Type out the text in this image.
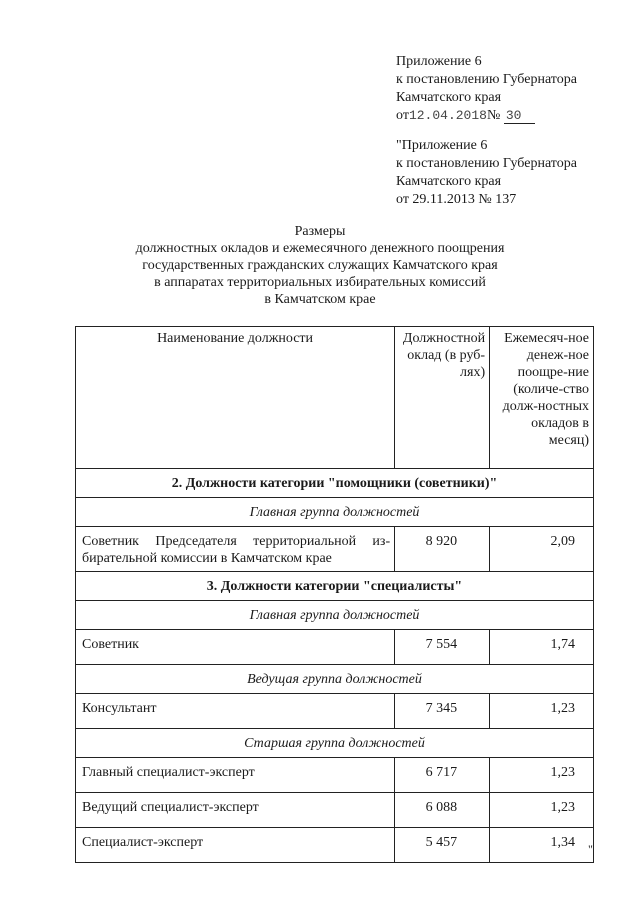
Приложение 6
к постановлению Губернатора
Камчатского края
от12.04.2018№ 30
"Приложение 6
к постановлению Губернатора
Камчатского края
от 29.11.2013 № 137
Размеры
должностных окладов и ежемесячного денежного поощрения
государственных гражданских служащих Камчатского края
в аппаратах территориальных избирательных комиссий
в Камчатском крае
Наименование должности	Должностной оклад (в руб-лях)	Ежемесяч-ное денеж-ное поощре-ние (количе-ство долж-ностных окладов в месяц)
2. Должности категории "помощники (советники)"		
Главная группа должностей		
Советник Председателя территориальной из-бирательной комиссии в Камчатском крае	8 920	2,09
3. Должности категории "специалисты"		
Главная группа должностей		
Советник	7 554	1,74
Ведущая группа должностей		
Консультант	7 345	1,23
Старшая группа должностей		
Главный специалист-эксперт	6 717	1,23
Ведущий специалист-эксперт	6 088	1,23
Специалист-эксперт	5 457	1,34 "
